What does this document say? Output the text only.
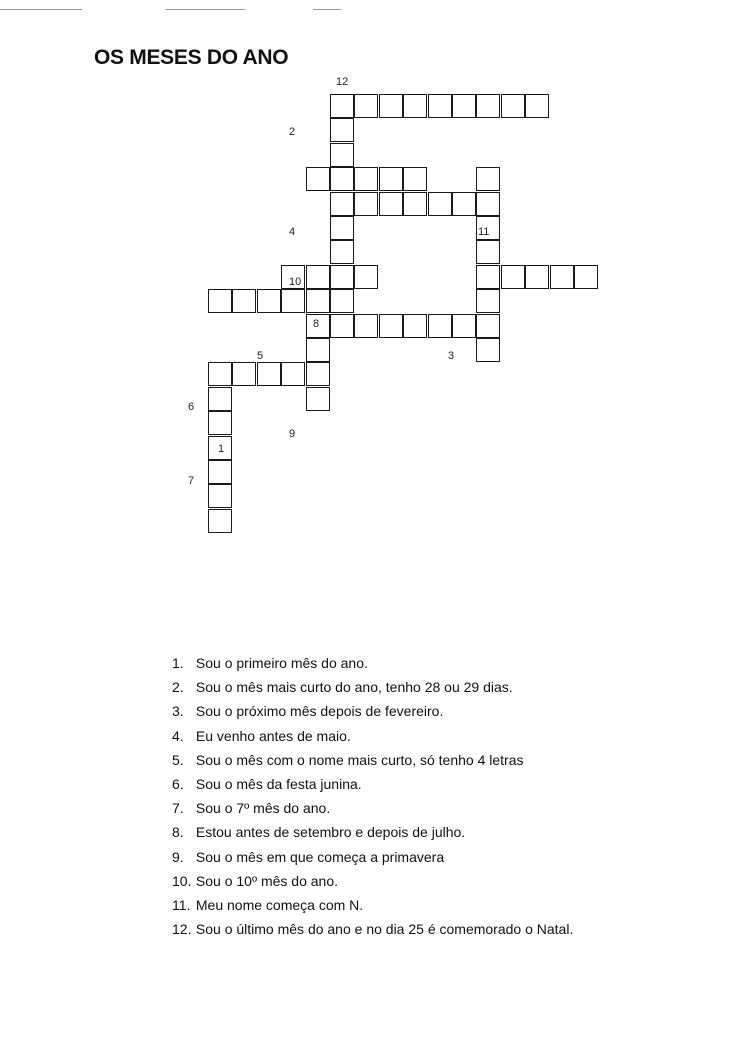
OS MESES DO ANO
12
2
4	11
10
8
5	3
6
9
1
7
1. Sou o primeiro mês do ano.
2. Sou o mês mais curto do ano, tenho 28 ou 29 dias.
3. Sou o próximo mês depois de fevereiro.
4. Eu venho antes de maio.
5. Sou o mês com o nome mais curto, só tenho 4 letras
6. Sou o mês da festa junina.
7. Sou o 7º mês do ano.
8. Estou antes de setembro e depois de julho.
9. Sou o mês em que começa a primavera
10. Sou o 10º mês do ano.
11. Meu nome começa com N.
12. Sou o último mês do ano e no dia 25 é comemorado o Natal.
